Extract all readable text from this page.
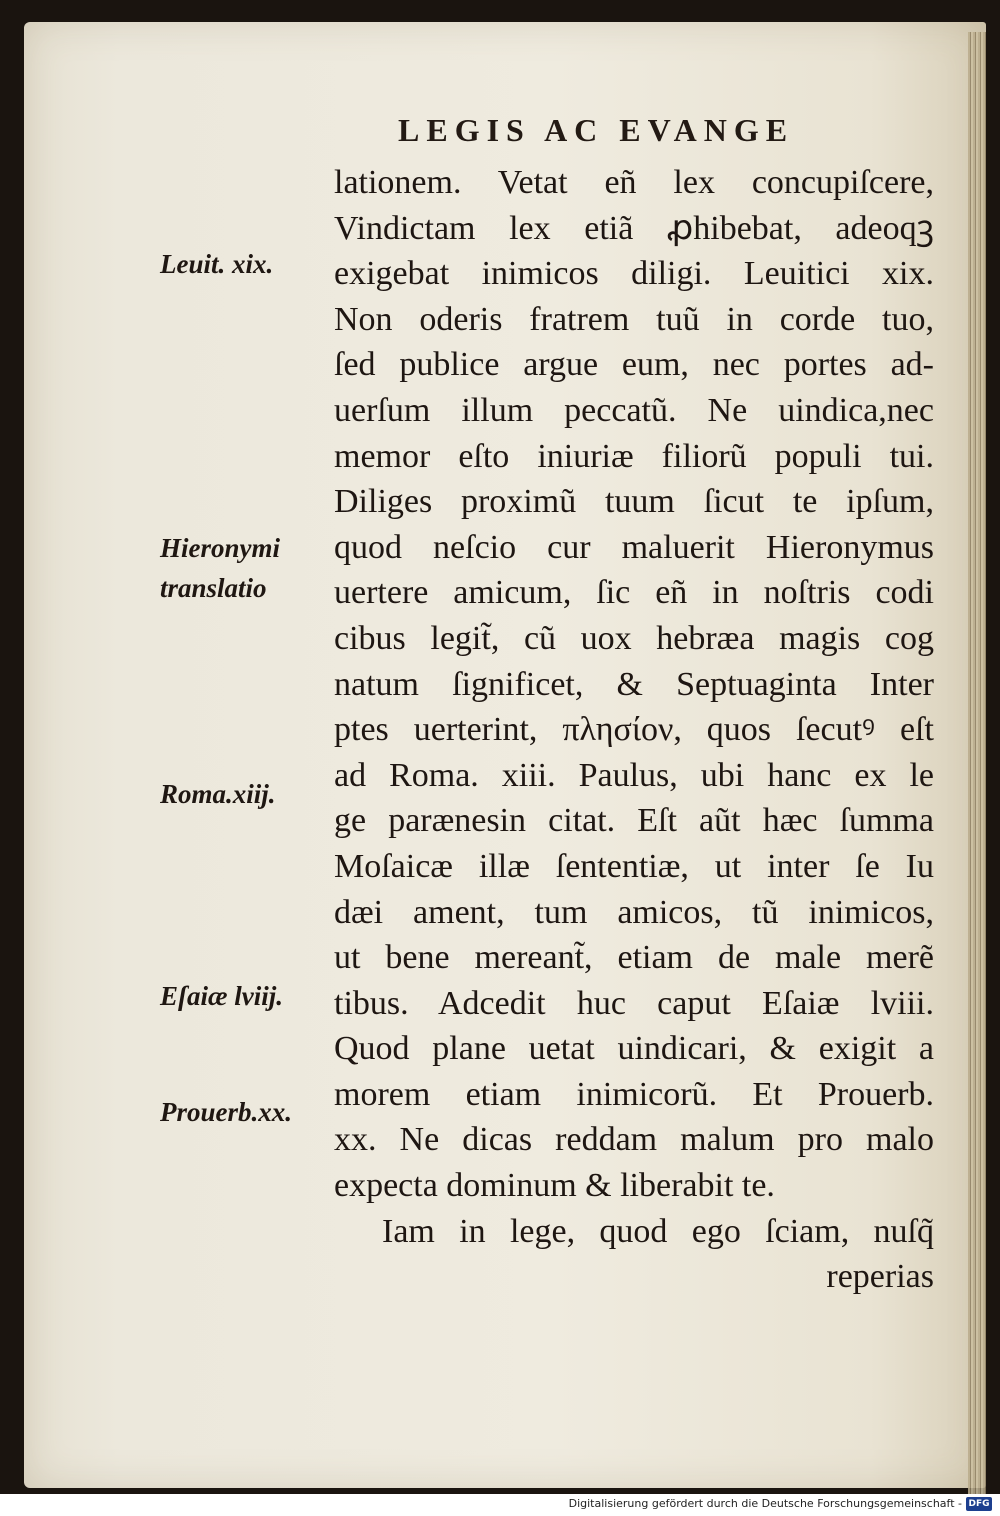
LEGIS AC EVANGE
lationem. Vetat eñ lex concupiſcere,
Vindictam lex etiã ꝓhibebat, adeoqꝫ
exigebat inimicos diligi. Leuitici xix.
Non oderis fratrem tuũ in corde tuo,
ſed publice argue eum, nec portes ad-
uerſum illum peccatũ. Ne uindica,nec
memor eſto iniuriæ filiorũ populi tui.
Diliges proximũ tuum ſicut te ipſum,
quod neſcio cur maluerit Hieronymus
uertere amicum, ſic eñ in noſtris codi
cibus legit̃, cũ uox hebræa magis cog
natum ſignificet, & Septuaginta Inter
ptes uerterint, πλησίον, quos ſecutꝰ eſt
ad Roma. xiii. Paulus, ubi hanc ex le
ge parænesin citat. Eſt aũt hæc ſumma
Moſaicæ illæ ſententiæ, ut inter ſe Iu
dæi ament, tum amicos, tũ inimicos,
ut bene mereant̃, etiam de male merẽ
tibus. Adcedit huc caput Eſaiæ lviii.
Quod plane uetat uindicari, & exigit a
morem etiam inimicorũ. Et Prouerb.
xx. Ne dicas reddam malum pro malo
expecta dominum & liberabit te.
Iam in lege, quod ego ſciam, nuſq̃
reperias
Leuit. xix.
Hieronymi
translatio
Roma.xiij.
Eſaiæ lviij.
Prouerb.xx.
Digitalisierung gefördert durch die Deutsche Forschungsgemeinschaft - DFG
